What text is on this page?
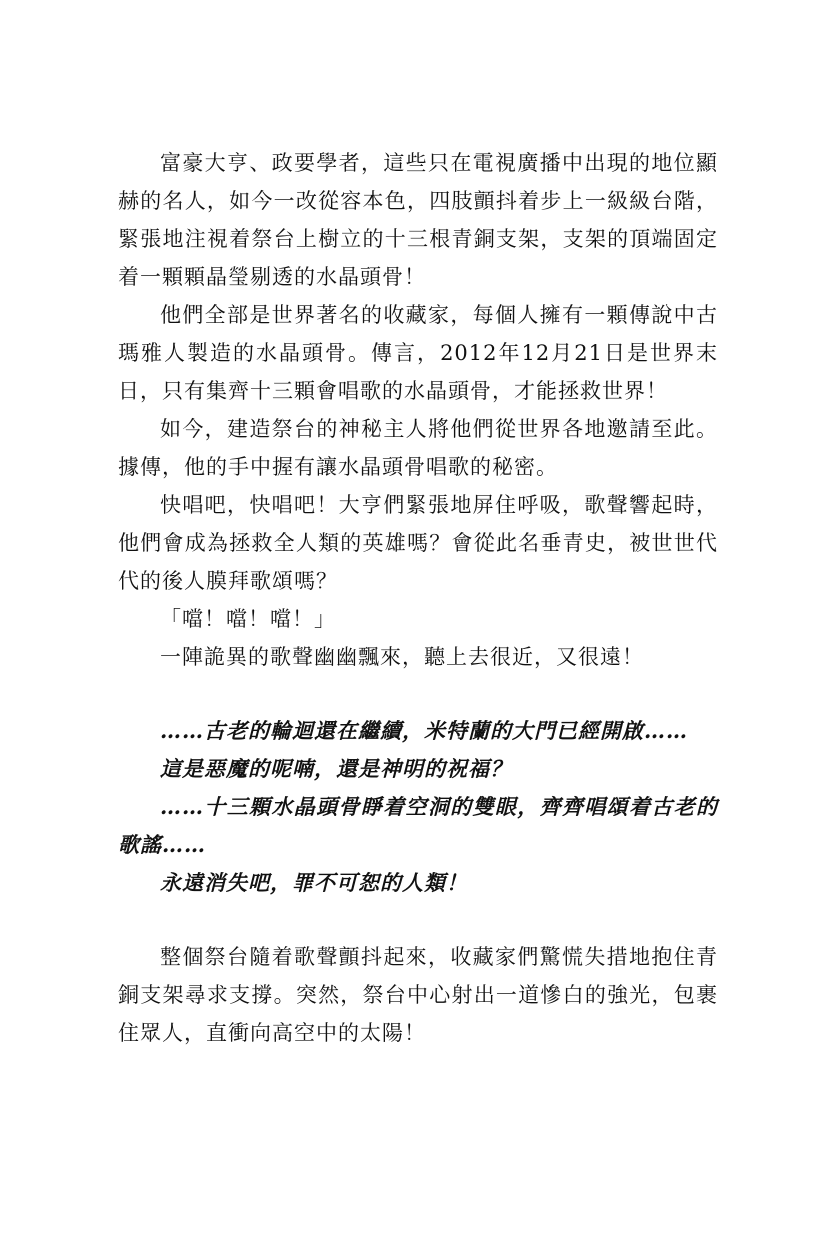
富豪大亨、政要學者，這些只在電視廣播中出現的地位顯赫的名人，如今一改從容本色，四肢顫抖着步上一級級台階，緊張地注視着祭台上樹立的十三根青銅支架，支架的頂端固定着一顆顆晶瑩剔透的水晶頭骨！

他們全部是世界著名的收藏家，每個人擁有一顆傳說中古瑪雅人製造的水晶頭骨。傳言，2012年12月21日是世界末日，只有集齊十三顆會唱歌的水晶頭骨，才能拯救世界！

如今，建造祭台的神秘主人將他們從世界各地邀請至此。據傳，他的手中握有讓水晶頭骨唱歌的秘密。

快唱吧，快唱吧！大亨們緊張地屏住呼吸，歌聲響起時，他們會成為拯救全人類的英雄嗎？會從此名垂青史，被世世代代的後人膜拜歌頌嗎？

「噹！噹！噹！」

一陣詭異的歌聲幽幽飄來，聽上去很近，又很遠！

……古老的輪迴還在繼續，米特蘭的大門已經開啟……

這是惡魔的呢喃，還是神明的祝福？

……十三顆水晶頭骨睜着空洞的雙眼，齊齊唱頌着古老的歌謠……

永遠消失吧，罪不可恕的人類！

整個祭台隨着歌聲顫抖起來，收藏家們驚慌失措地抱住青銅支架尋求支撐。突然，祭台中心射出一道慘白的強光，包裹住眾人，直衝向高空中的太陽！
